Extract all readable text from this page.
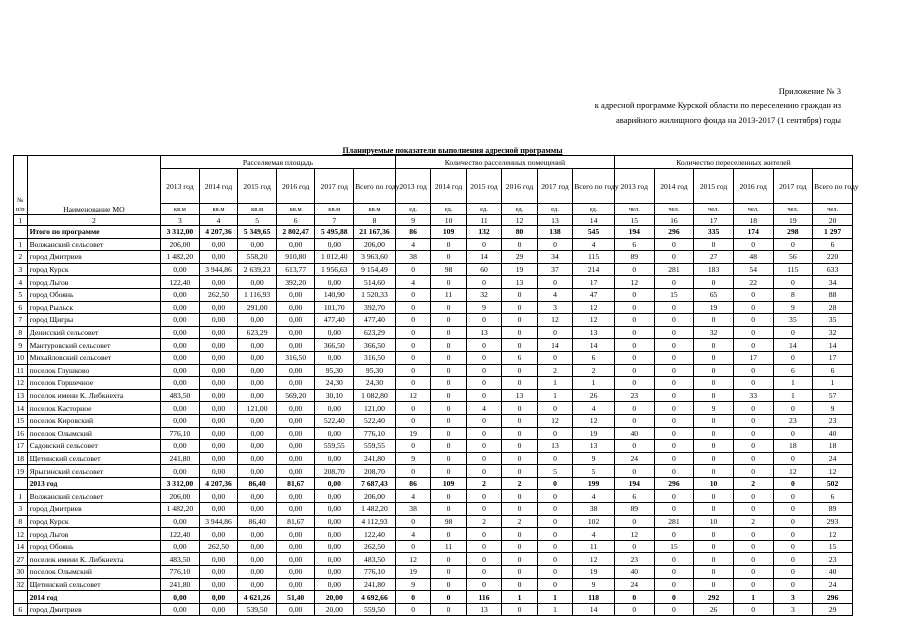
Приложение № 3
к адресной программе Курской области по переселению граждан из
аварийного жилищного фонда на 2013-2017 (1 сентября) годы
Планируемые показатели выполнения адресной программы
№ п/п	Наименование МО	Расселяемая площадь						Количество расселенных помещений						Количество переселенных жителей					
		2013 год	2014 год	2015 год	2016 год	2017 год	Всего по году	2013 год	2014 год	2015 год	2016 год	2017 год	Всего по году	2013 год	2014 год	2015 год	2016 год	2017 год	Всего по году
		кв.м	кв.м	кв.м	кв.м	кв.м	кв.м	ед.	ед.	ед.	ед.	ед.	ед.	чел.	чел.	чел.	чел.	чел.	чел.
1	2	3	4	5	6	7	8	9	10	11	12	13	14	15	16	17	18	19	20
	Итого по программе	3 312,00	4 207,36	5 349,65	2 802,47	5 495,88	21 167,36	86	109	132	80	138	545	194	296	335	174	298	1 297
1	Волжанский сельсовет	206,00	0,00	0,00	0,00	0,00	206,00	4	0	0	0	0	4	6	0	0	0	0	6
2	город Дмитриев	1 482,20	0,00	558,20	910,80	1 012,40	3 963,60	38	0	14	29	34	115	89	0	27	48	56	220
3	город Курск	0,00	3 944,86	2 639,23	613,77	1 956,63	9 154,49	0	98	60	19	37	214	0	281	183	54	115	633
4	город Льгов	122,40	0,00	0,00	392,20	0,00	514,60	4	0	0	13	0	17	12	0	0	22	0	34
5	город Обоянь	0,00	262,50	1 116,93	0,00	140,90	1 520,33	0	11	32	0	4	47	0	15	65	0	8	88
6	город Рыльск	0,00	0,00	291,00	0,00	101,70	392,70	0	0	9	0	3	12	0	0	19	0	9	28
7	город Щигры	0,00	0,00	0,00	0,00	477,40	477,40	0	0	0	0	12	12	0	0	0	0	35	35
8	Денисский сельсовет	0,00	0,00	623,29	0,00	0,00	623,29	0	0	13	0	0	13	0	0	32	0	0	32
9	Мантуровский сельсовет	0,00	0,00	0,00	0,00	366,50	366,50	0	0	0	0	14	14	0	0	0	0	14	14
10	Михайловский сельсовет	0,00	0,00	0,00	316,50	0,00	316,50	0	0	0	6	0	6	0	0	0	17	0	17
11	поселок Глушково	0,00	0,00	0,00	0,00	95,30	95,30	0	0	0	0	2	2	0	0	0	0	6	6
12	поселок Горшечное	0,00	0,00	0,00	0,00	24,30	24,30	0	0	0	0	1	1	0	0	0	0	1	1
13	поселок имени К. Либкнехта	483,50	0,00	0,00	569,20	30,10	1 082,80	12	0	0	13	1	26	23	0	0	33	1	57
14	поселок Касторное	0,00	0,00	121,00	0,00	0,00	121,00	0	0	4	0	0	4	0	0	9	0	0	9
15	поселок Кировский	0,00	0,00	0,00	0,00	522,40	522,40	0	0	0	0	12	12	0	0	0	0	23	23
16	поселок Олымский	776,10	0,00	0,00	0,00	0,00	776,10	19	0	0	0	0	19	40	0	0	0	0	40
17	Садовский сельсовет	0,00	0,00	0,00	0,00	559,55	559,55	0	0	0	0	13	13	0	0	0	0	18	18
18	Щетинский сельсовет	241,80	0,00	0,00	0,00	0,00	241,80	9	0	0	0	0	9	24	0	0	0	0	24
19	Ярыгинский сельсовет	0,00	0,00	0,00	0,00	208,70	208,70	0	0	0	0	5	5	0	0	0	0	12	12
	2013 год	3 312,00	4 207,36	86,40	81,67	0,00	7 687,43	86	109	2	2	0	199	194	296	10	2	0	502
1	Волжанский сельсовет	206,00	0,00	0,00	0,00	0,00	206,00	4	0	0	0	0	4	6	0	0	0	0	6
3	город Дмитриев	1 482,20	0,00	0,00	0,00	0,00	1 482,20	38	0	0	0	0	38	89	0	0	0	0	89
8	город Курск	0,00	3 944,86	86,40	81,67	0,00	4 112,93	0	98	2	2	0	102	0	281	10	2	0	293
12	город Льгов	122,40	0,00	0,00	0,00	0,00	122,40	4	0	0	0	0	4	12	0	0	0	0	12
14	город Обоянь	0,00	262,50	0,00	0,00	0,00	262,50	0	11	0	0	0	11	0	15	0	0	0	15
27	поселок имени К. Либкнехта	483,50	0,00	0,00	0,00	0,00	483,50	12	0	0	0	0	12	23	0	0	0	0	23
30	поселок Олымский	776,10	0,00	0,00	0,00	0,00	776,10	19	0	0	0	0	19	40	0	0	0	0	40
32	Щетинский сельсовет	241,80	0,00	0,00	0,00	0,00	241,80	9	0	0	0	0	9	24	0	0	0	0	24
	2014 год	0,00	0,00	4 621,26	51,40	20,00	4 692,66	0	0	116	1	1	118	0	0	292	1	3	296
6	город Дмитриев	0,00	0,00	539,50	0,00	20,00	559,50	0	0	13	0	1	14	0	0	26	0	3	29
